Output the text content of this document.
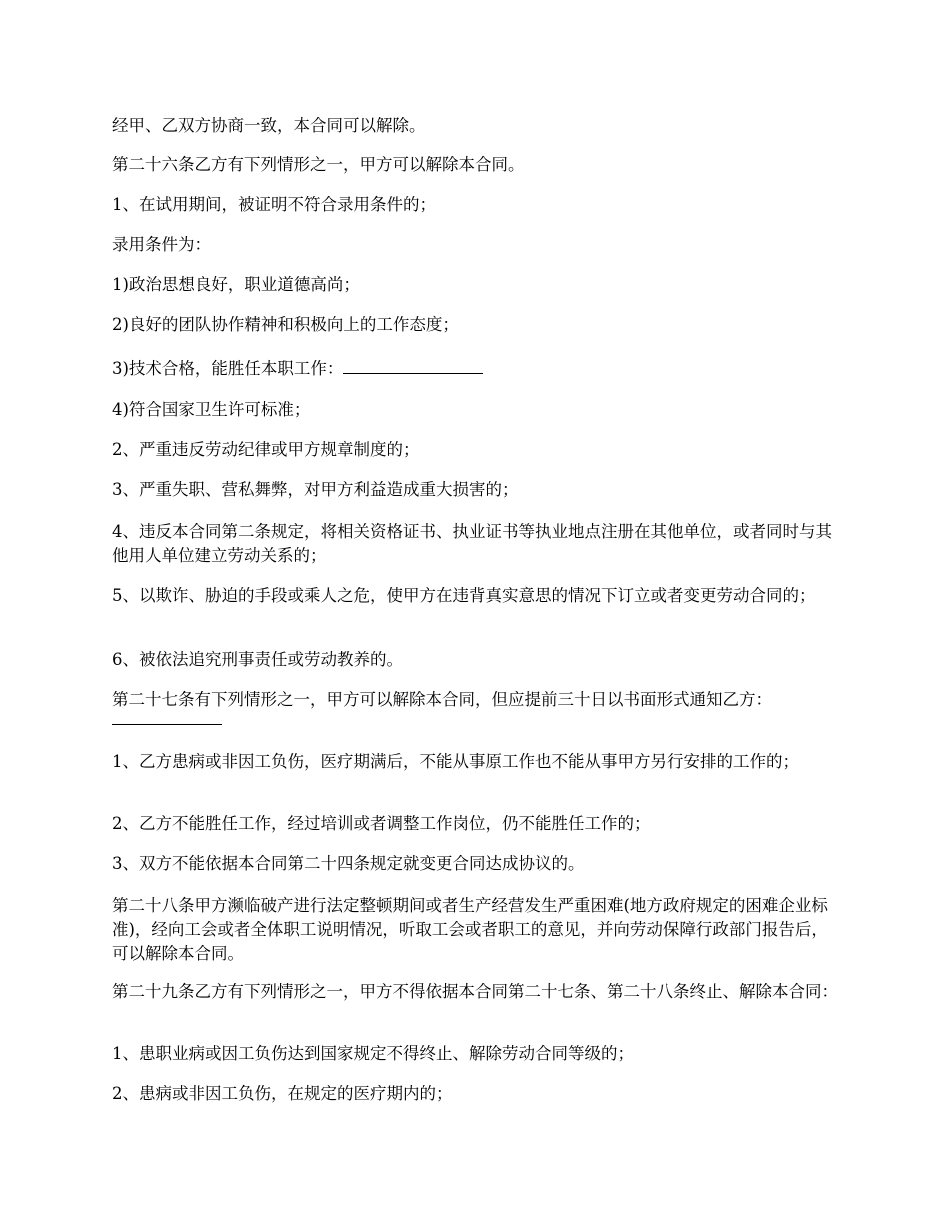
经甲、乙双方协商一致，本合同可以解除。

第二十六条乙方有下列情形之一，甲方可以解除本合同。

1、在试用期间，被证明不符合录用条件的；

录用条件为：

1)政治思想良好，职业道德高尚；

2)良好的团队协作精神和积极向上的工作态度；

3)技术合格，能胜任本职工作：

4)符合国家卫生许可标准；

2、严重违反劳动纪律或甲方规章制度的；

3、严重失职、营私舞弊，对甲方利益造成重大损害的；

4、违反本合同第二条规定，将相关资格证书、执业证书等执业地点注册在其他单位，或者同时与其他用人单位建立劳动关系的；

5、以欺诈、胁迫的手段或乘人之危，使甲方在违背真实意思的情况下订立或者变更劳动合同的；

6、被依法追究刑事责任或劳动教养的。

第二十七条有下列情形之一，甲方可以解除本合同，但应提前三十日以书面形式通知乙方：

1、乙方患病或非因工负伤，医疗期满后，不能从事原工作也不能从事甲方另行安排的工作的；

2、乙方不能胜任工作，经过培训或者调整工作岗位，仍不能胜任工作的；

3、双方不能依据本合同第二十四条规定就变更合同达成协议的。

第二十八条甲方濒临破产进行法定整顿期间或者生产经营发生严重困难(地方政府规定的困难企业标准)，经向工会或者全体职工说明情况，听取工会或者职工的意见，并向劳动保障行政部门报告后，可以解除本合同。

第二十九条乙方有下列情形之一，甲方不得依据本合同第二十七条、第二十八条终止、解除本合同：

1、患职业病或因工负伤达到国家规定不得终止、解除劳动合同等级的；

2、患病或非因工负伤，在规定的医疗期内的；
